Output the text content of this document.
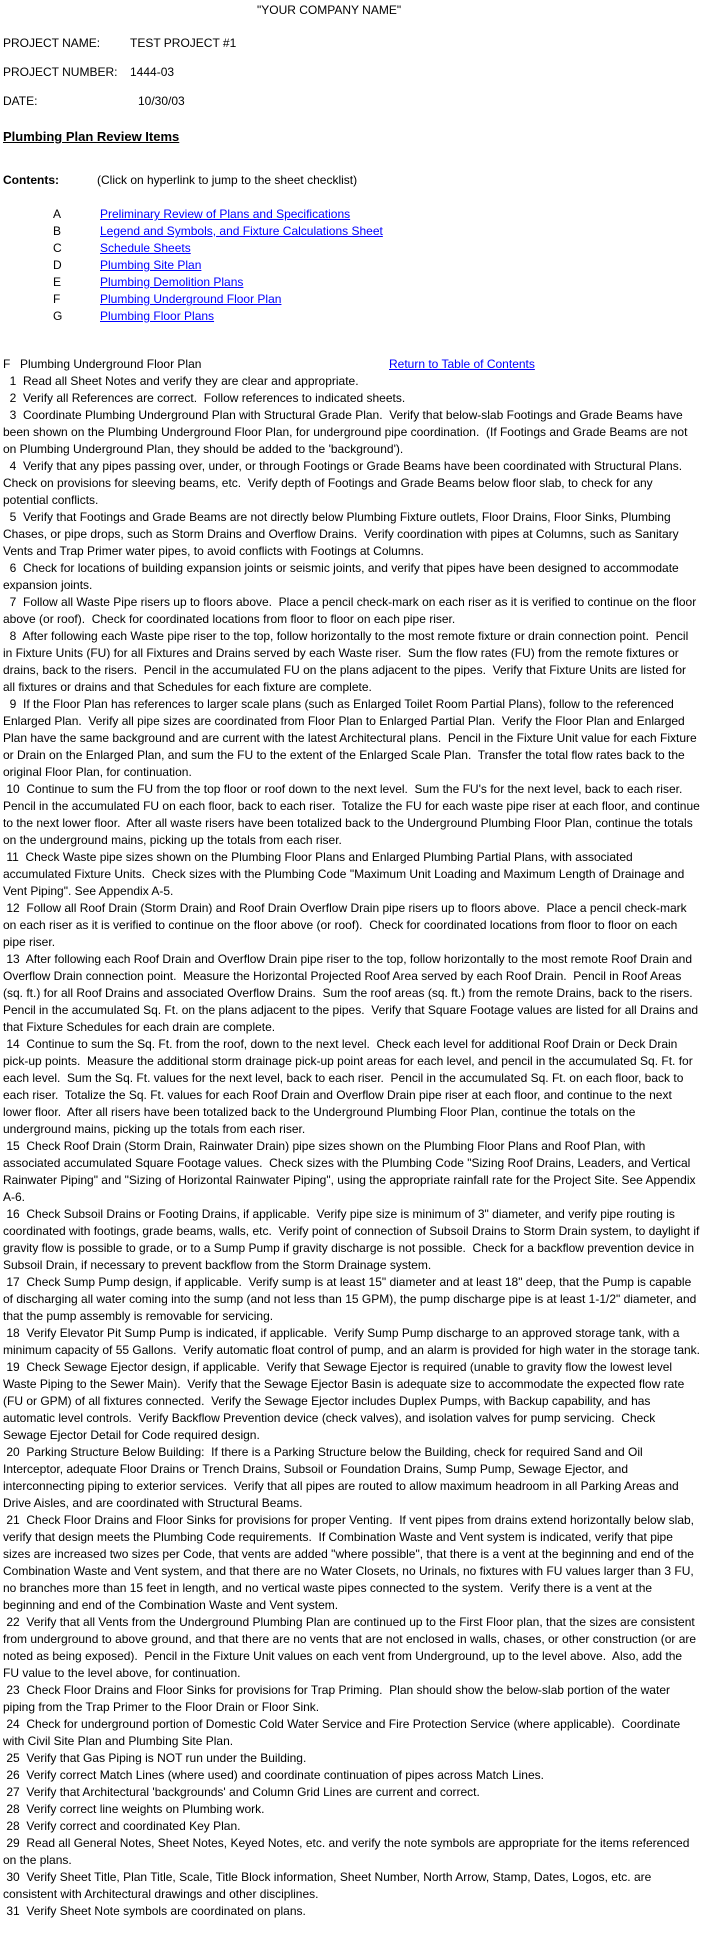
"YOUR COMPANY NAME"
PROJECT NAME:	TEST PROJECT #1
PROJECT NUMBER:	1444-03
DATE:	10/30/03
Plumbing Plan Review Items
Contents:	(Click on hyperlink to jump to the sheet checklist)
A	Preliminary Review of Plans and Specifications
B	Legend and Symbols, and Fixture Calculations Sheet
C	Schedule Sheets
D	Plumbing Site Plan
E	Plumbing Demolition Plans
F	Plumbing Underground Floor Plan
G	Plumbing Floor Plans
F Plumbing Underground Floor Plan	Return to Table of Contents

1  Read all Sheet Notes and verify they are clear and appropriate.

2  Verify all References are correct.  Follow references to indicated sheets.

3  Coordinate Plumbing Underground Plan with Structural Grade Plan.  Verify that below-slab Footings and Grade Beams have been shown on the Plumbing Underground Floor Plan, for underground pipe coordination.  (If Footings and Grade Beams are not on Plumbing Underground Plan, they should be added to the 'background').

4  Verify that any pipes passing over, under, or through Footings or Grade Beams have been coordinated with Structural Plans.  Check on provisions for sleeving beams, etc.  Verify depth of Footings and Grade Beams below floor slab, to check for any potential conflicts.

5  Verify that Footings and Grade Beams are not directly below Plumbing Fixture outlets, Floor Drains, Floor Sinks, Plumbing Chases, or pipe drops, such as Storm Drains and Overflow Drains.  Verify coordination with pipes at Columns, such as Sanitary Vents and Trap Primer water pipes, to avoid conflicts with Footings at Columns.

6  Check for locations of building expansion joints or seismic joints, and verify that pipes have been designed to accommodate expansion joints.

7  Follow all Waste Pipe risers up to floors above.  Place a pencil check-mark on each riser as it is verified to continue on the floor above (or roof).  Check for coordinated locations from floor to floor on each pipe riser.

8  After following each Waste pipe riser to the top, follow horizontally to the most remote fixture or drain connection point.  Pencil in Fixture Units (FU) for all Fixtures and Drains served by each Waste riser.  Sum the flow rates (FU) from the remote fixtures or drains, back to the risers.  Pencil in the accumulated FU on the plans adjacent to the pipes.  Verify that Fixture Units are listed for all fixtures or drains and that Schedules for each fixture are complete.

9  If the Floor Plan has references to larger scale plans (such as Enlarged Toilet Room Partial Plans), follow to the referenced Enlarged Plan.  Verify all pipe sizes are coordinated from Floor Plan to Enlarged Partial Plan.  Verify the Floor Plan and Enlarged Plan have the same background and are current with the latest Architectural plans.  Pencil in the Fixture Unit value for each Fixture or Drain on the Enlarged Plan, and sum the FU to the extent of the Enlarged Scale Plan.  Transfer the total flow rates back to the original Floor Plan, for continuation.

10  Continue to sum the FU from the top floor or roof down to the next level.  Sum the FU's for the next level, back to each riser.  Pencil in the accumulated FU on each floor, back to each riser.  Totalize the FU for each waste pipe riser at each floor, and continue to the next lower floor.  After all waste risers have been totalized back to the Underground Plumbing Floor Plan, continue the totals on the underground mains, picking up the totals from each riser.

11  Check Waste pipe sizes shown on the Plumbing Floor Plans and Enlarged Plumbing Partial Plans, with associated accumulated Fixture Units.  Check sizes with the Plumbing Code "Maximum Unit Loading and Maximum Length of Drainage and Vent Piping". See Appendix A-5.

12  Follow all Roof Drain (Storm Drain) and Roof Drain Overflow Drain pipe risers up to floors above.  Place a pencil check-mark on each riser as it is verified to continue on the floor above (or roof).  Check for coordinated locations from floor to floor on each pipe riser.

13  After following each Roof Drain and Overflow Drain pipe riser to the top, follow horizontally to the most remote Roof Drain and Overflow Drain connection point.  Measure the Horizontal Projected Roof Area served by each Roof Drain.  Pencil in Roof Areas (sq. ft.) for all Roof Drains and associated Overflow Drains.  Sum the roof areas (sq. ft.) from the remote Drains, back to the risers.  Pencil in the accumulated Sq. Ft. on the plans adjacent to the pipes.  Verify that Square Footage values are listed for all Drains and that Fixture Schedules for each drain are complete.

14  Continue to sum the Sq. Ft. from the roof, down to the next level.  Check each level for additional Roof Drain or Deck Drain pick-up points.  Measure the additional storm drainage pick-up point areas for each level, and pencil in the accumulated Sq. Ft. for each level.  Sum the Sq. Ft. values for the next level, back to each riser.  Pencil in the accumulated Sq. Ft. on each floor, back to each riser.  Totalize the Sq. Ft. values for each Roof Drain and Overflow Drain pipe riser at each floor, and continue to the next lower floor.  After all risers have been totalized back to the Underground Plumbing Floor Plan, continue the totals on the underground mains, picking up the totals from each riser.

15  Check Roof Drain (Storm Drain, Rainwater Drain) pipe sizes shown on the Plumbing Floor Plans and Roof Plan, with associated accumulated Square Footage values.  Check sizes with the Plumbing Code "Sizing Roof Drains, Leaders, and Vertical Rainwater Piping" and "Sizing of Horizontal Rainwater Piping", using the appropriate rainfall rate for the Project Site. See Appendix A-6.

16  Check Subsoil Drains or Footing Drains, if applicable.  Verify pipe size is minimum of 3" diameter, and verify pipe routing is coordinated with footings, grade beams, walls, etc.  Verify point of connection of Subsoil Drains to Storm Drain system, to daylight if gravity flow is possible to grade, or to a Sump Pump if gravity discharge is not possible.  Check for a backflow prevention device in Subsoil Drain, if necessary to prevent backflow from the Storm Drainage system.

17  Check Sump Pump design, if applicable.  Verify sump is at least 15" diameter and at least 18" deep, that the Pump is capable of discharging all water coming into the sump (and not less than 15 GPM), the pump discharge pipe is at least 1-1/2" diameter, and that the pump assembly is removable for servicing.

18  Verify Elevator Pit Sump Pump is indicated, if applicable.  Verify Sump Pump discharge to an approved storage tank, with a minimum capacity of 55 Gallons.  Verify automatic float control of pump, and an alarm is provided for high water in the storage tank.

19  Check Sewage Ejector design, if applicable.  Verify that Sewage Ejector is required (unable to gravity flow the lowest level Waste Piping to the Sewer Main).  Verify that the Sewage Ejector Basin is adequate size to accommodate the expected flow rate (FU or GPM) of all fixtures connected.  Verify the Sewage Ejector includes Duplex Pumps, with Backup capability, and has automatic level controls.  Verify Backflow Prevention device (check valves), and isolation valves for pump servicing.  Check Sewage Ejector Detail for Code required design.

20  Parking Structure Below Building:  If there is a Parking Structure below the Building, check for required Sand and Oil Interceptor, adequate Floor Drains or Trench Drains, Subsoil or Foundation Drains, Sump Pump, Sewage Ejector, and interconnecting piping to exterior services.  Verify that all pipes are routed to allow maximum headroom in all Parking Areas and Drive Aisles, and are coordinated with Structural Beams.

21  Check Floor Drains and Floor Sinks for provisions for proper Venting.  If vent pipes from drains extend horizontally below slab, verify that design meets the Plumbing Code requirements.  If Combination Waste and Vent system is indicated, verify that pipe sizes are increased two sizes per Code, that vents are added "where possible", that there is a vent at the beginning and end of the Combination Waste and Vent system, and that there are no Water Closets, no Urinals, no fixtures with FU values larger than 3 FU, no branches more than 15 feet in length, and no vertical waste pipes connected to the system.  Verify there is a vent at the beginning and end of the Combination Waste and Vent system.

22  Verify that all Vents from the Underground Plumbing Plan are continued up to the First Floor plan, that the sizes are consistent from underground to above ground, and that there are no vents that are not enclosed in walls, chases, or other construction (or are noted as being exposed).  Pencil in the Fixture Unit values on each vent from Underground, up to the level above.  Also, add the FU value to the level above, for continuation.

23  Check Floor Drains and Floor Sinks for provisions for Trap Priming.  Plan should show the below-slab portion of the water piping from the Trap Primer to the Floor Drain or Floor Sink.

24  Check for underground portion of Domestic Cold Water Service and Fire Protection Service (where applicable).  Coordinate with Civil Site Plan and Plumbing Site Plan.

25  Verify that Gas Piping is NOT run under the Building.

26  Verify correct Match Lines (where used) and coordinate continuation of pipes across Match Lines.

27  Verify that Architectural 'backgrounds' and Column Grid Lines are current and correct.

28  Verify correct line weights on Plumbing work.

28  Verify correct and coordinated Key Plan.

29  Read all General Notes, Sheet Notes, Keyed Notes, etc. and verify the note symbols are appropriate for the items referenced on the plans.

30  Verify Sheet Title, Plan Title, Scale, Title Block information, Sheet Number, North Arrow, Stamp, Dates, Logos, etc. are consistent with Architectural drawings and other disciplines.

31  Verify Sheet Note symbols are coordinated on plans.
